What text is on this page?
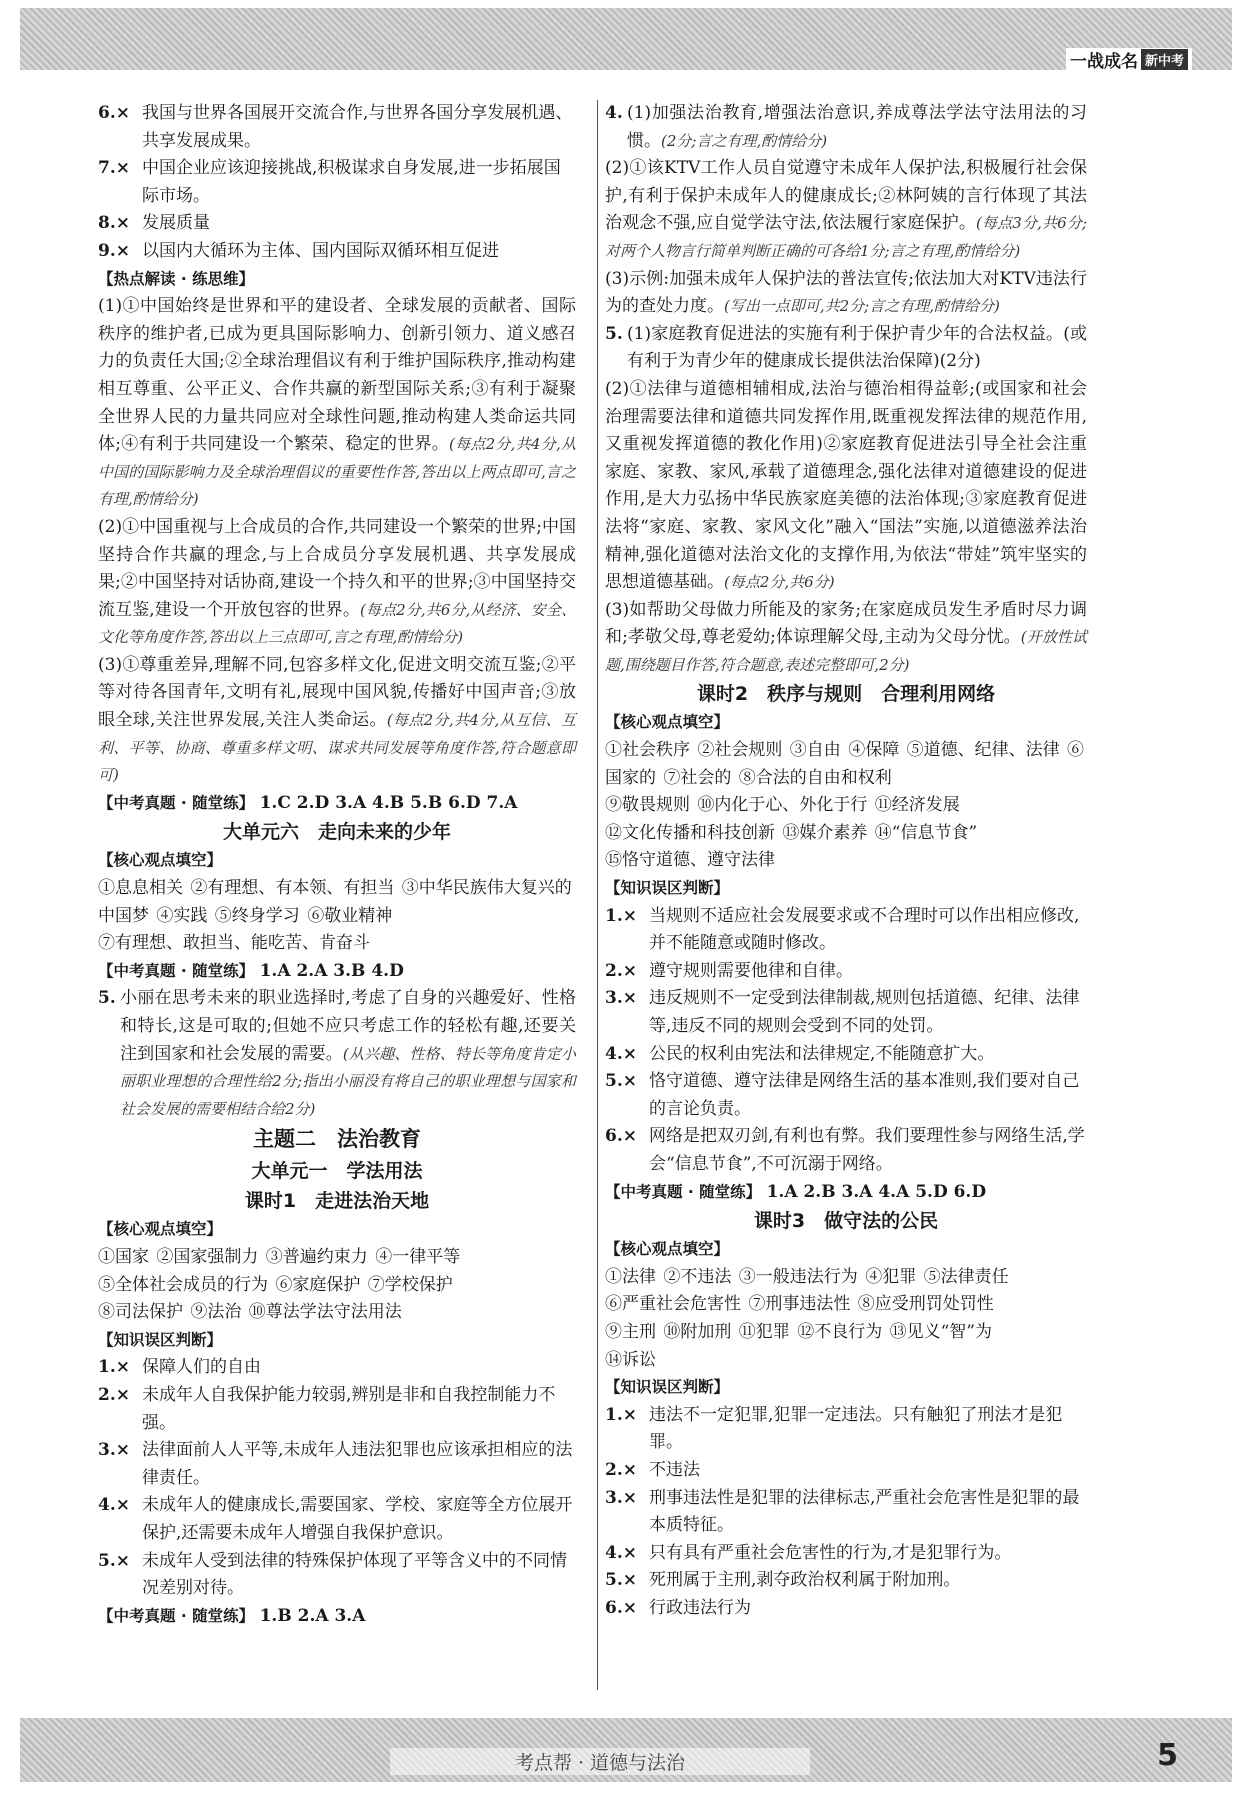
一战成名 新中考
6.× 我国与世界各国展开交流合作,与世界各国分享发展机遇、共享发展成果。
7.× 中国企业应该迎接挑战,积极谋求自身发展,进一步拓展国际市场。
8.× 发展质量
9.× 以国内大循环为主体、国内国际双循环相互促进
【热点解读 · 练思维】
(1)①中国始终是世界和平的建设者、全球发展的贡献者、国际秩序的维护者,已成为更具国际影响力、创新引领力、道义感召力的负责任大国;②全球治理倡议有利于维护国际秩序,推动构建相互尊重、公平正义、合作共赢的新型国际关系;③有利于凝聚全世界人民的力量共同应对全球性问题,推动构建人类命运共同体;④有利于共同建设一个繁荣、稳定的世界。(每点2分,共4分,从中国的国际影响力及全球治理倡议的重要性作答,答出以上两点即可,言之有理,酌情给分)
(2)①中国重视与上合成员的合作,共同建设一个繁荣的世界;中国坚持合作共赢的理念,与上合成员分享发展机遇、共享发展成果;②中国坚持对话协商,建设一个持久和平的世界;③中国坚持交流互鉴,建设一个开放包容的世界。(每点2分,共6分,从经济、安全、文化等角度作答,答出以上三点即可,言之有理,酌情给分)
(3)①尊重差异,理解不同,包容多样文化,促进文明交流互鉴;②平等对待各国青年,文明有礼,展现中国风貌,传播好中国声音;③放眼全球,关注世界发展,关注人类命运。(每点2分,共4分,从互信、互利、平等、协商、尊重多样文明、谋求共同发展等角度作答,符合题意即可)
【中考真题 · 随堂练】 1.C 2.D 3.A 4.B 5.B 6.D 7.A
大单元六　走向未来的少年
【核心观点填空】
①息息相关 ②有理想、有本领、有担当 ③中华民族伟大复兴的中国梦 ④实践 ⑤终身学习 ⑥敬业精神
⑦有理想、敢担当、能吃苦、肯奋斗
【中考真题 · 随堂练】 1.A 2.A 3.B 4.D
5. 小丽在思考未来的职业选择时,考虑了自身的兴趣爱好、性格和特长,这是可取的;但她不应只考虑工作的轻松有趣,还要关注到国家和社会发展的需要。(从兴趣、性格、特长等角度肯定小丽职业理想的合理性给2分;指出小丽没有将自己的职业理想与国家和社会发展的需要相结合给2分)
主题二　法治教育
大单元一　学法用法
课时1　走进法治天地
【核心观点填空】
①国家 ②国家强制力 ③普遍约束力 ④一律平等
⑤全体社会成员的行为 ⑥家庭保护 ⑦学校保护
⑧司法保护 ⑨法治 ⑩尊法学法守法用法
【知识误区判断】
1.× 保障人们的自由
2.× 未成年人自我保护能力较弱,辨别是非和自我控制能力不强。
3.× 法律面前人人平等,未成年人违法犯罪也应该承担相应的法律责任。
4.× 未成年人的健康成长,需要国家、学校、家庭等全方位展开保护,还需要未成年人增强自我保护意识。
5.× 未成年人受到法律的特殊保护体现了平等含义中的不同情况差别对待。
【中考真题 · 随堂练】 1.B 2.A 3.A
4. (1)加强法治教育,增强法治意识,养成尊法学法守法用法的习惯。(2分;言之有理,酌情给分)
(2)①该KTV工作人员自觉遵守未成年人保护法,积极履行社会保护,有利于保护未成年人的健康成长;②林阿姨的言行体现了其法治观念不强,应自觉学法守法,依法履行家庭保护。(每点3分,共6分;对两个人物言行简单判断正确的可各给1分;言之有理,酌情给分)
(3)示例:加强未成年人保护法的普法宣传;依法加大对KTV违法行为的查处力度。(写出一点即可,共2分;言之有理,酌情给分)
5. (1)家庭教育促进法的实施有利于保护青少年的合法权益。(或有利于为青少年的健康成长提供法治保障)(2分)
(2)①法律与道德相辅相成,法治与德治相得益彰;(或国家和社会治理需要法律和道德共同发挥作用,既重视发挥法律的规范作用,又重视发挥道德的教化作用)②家庭教育促进法引导全社会注重家庭、家教、家风,承载了道德理念,强化法律对道德建设的促进作用,是大力弘扬中华民族家庭美德的法治体现;③家庭教育促进法将“家庭、家教、家风文化”融入“国法”实施,以道德滋养法治精神,强化道德对法治文化的支撑作用,为依法“带娃”筑牢坚实的思想道德基础。(每点2分,共6分)
(3)如帮助父母做力所能及的家务;在家庭成员发生矛盾时尽力调和;孝敬父母,尊老爱幼;体谅理解父母,主动为父母分忧。(开放性试题,围绕题目作答,符合题意,表述完整即可,2分)
课时2　秩序与规则　合理利用网络
【核心观点填空】
①社会秩序 ②社会规则 ③自由 ④保障 ⑤道德、纪律、法律 ⑥国家的 ⑦社会的 ⑧合法的自由和权利
⑨敬畏规则 ⑩内化于心、外化于行 ⑪经济发展
⑫文化传播和科技创新 ⑬媒介素养 ⑭“信息节食”
⑮恪守道德、遵守法律
【知识误区判断】
1.× 当规则不适应社会发展要求或不合理时可以作出相应修改,并不能随意或随时修改。
2.× 遵守规则需要他律和自律。
3.× 违反规则不一定受到法律制裁,规则包括道德、纪律、法律等,违反不同的规则会受到不同的处罚。
4.× 公民的权利由宪法和法律规定,不能随意扩大。
5.× 恪守道德、遵守法律是网络生活的基本准则,我们要对自己的言论负责。
6.× 网络是把双刃剑,有利也有弊。我们要理性参与网络生活,学会“信息节食”,不可沉溺于网络。
【中考真题 · 随堂练】 1.A 2.B 3.A 4.A 5.D 6.D
课时3　做守法的公民
【核心观点填空】
①法律 ②不违法 ③一般违法行为 ④犯罪 ⑤法律责任
⑥严重社会危害性 ⑦刑事违法性 ⑧应受刑罚处罚性
⑨主刑 ⑩附加刑 ⑪犯罪 ⑫不良行为 ⑬见义“智”为
⑭诉讼
【知识误区判断】
1.× 违法不一定犯罪,犯罪一定违法。只有触犯了刑法才是犯罪。
2.× 不违法
3.× 刑事违法性是犯罪的法律标志,严重社会危害性是犯罪的最本质特征。
4.× 只有具有严重社会危害性的行为,才是犯罪行为。
5.× 死刑属于主刑,剥夺政治权利属于附加刑。
6.× 行政违法行为
考点帮 · 道德与法治	5
